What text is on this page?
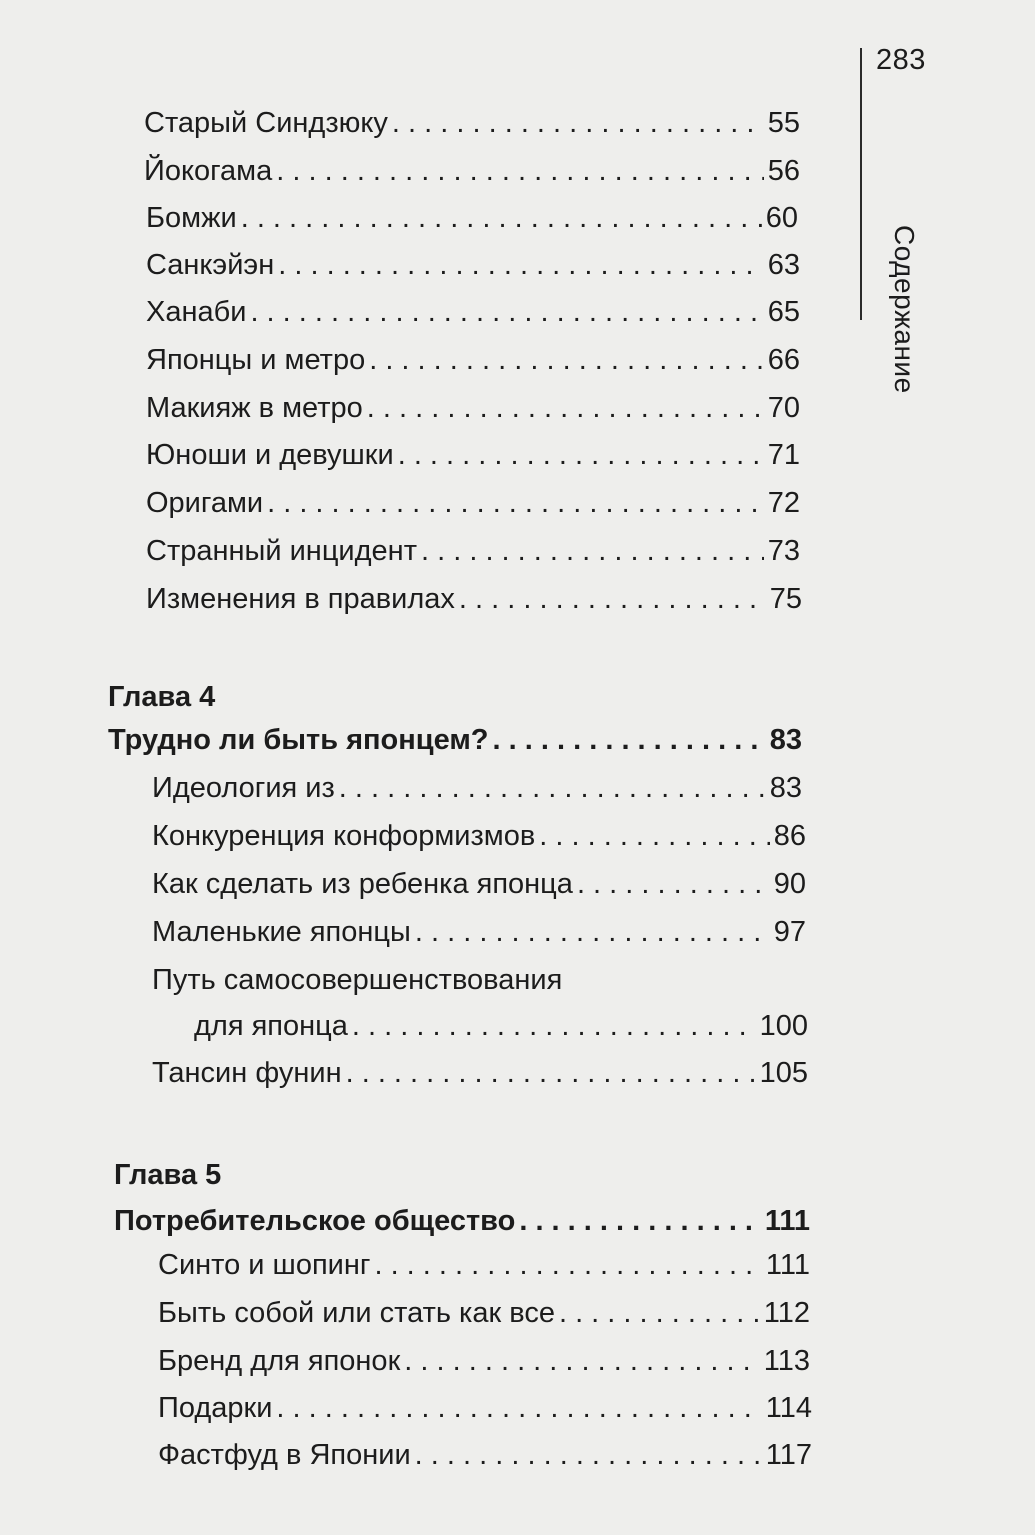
283
Содержание
Старый Синдзюку . . .	55
Йокогама . . .	56
Бомжи . . .	60
Санкэйэн . . .	63
Ханаби . . .	65
Японцы и метро . . .	66
Макияж в метро . . .	70
Юноши и девушки . . .	71
Оригами . . .	72
Странный инцидент . . .	73
Изменения в правилах . . .	75
Глава 4
Трудно ли быть японцем? . . .	83
Идеология из . . .	83
Конкуренция конформизмов . . .	86
Как сделать из ребенка японца . . .	90
Маленькие японцы . . .	97
Путь самосовершенствования
для японца . . .	100
Тансин фунин . . .	105
Глава 5
Потребительское общество . . .	111
Синто и шопинг . . .	111
Быть собой или стать как все . . .	112
Бренд для японок . . .	113
Подарки . . .	114
Фастфуд в Японии . . .	117
